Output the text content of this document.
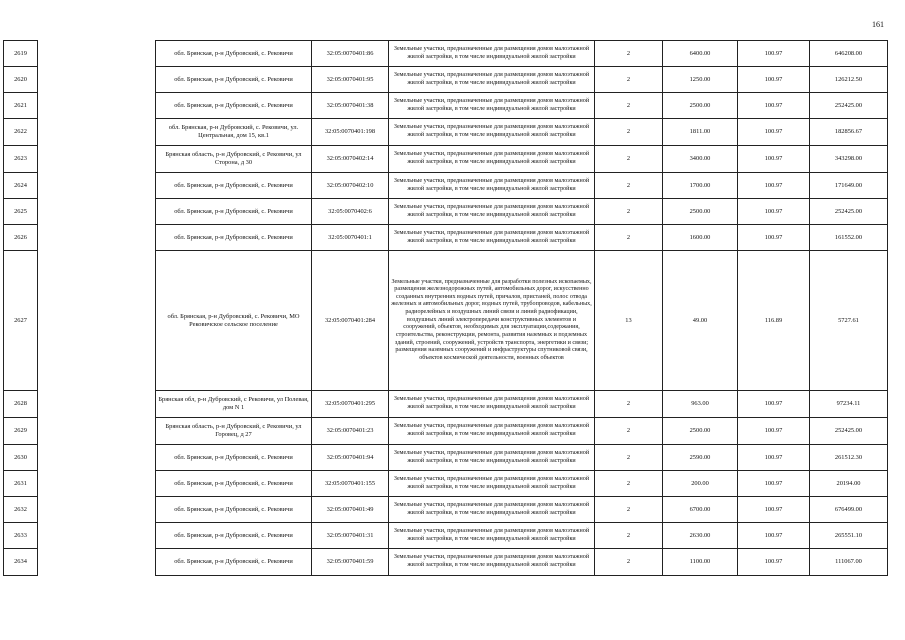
161
2619		обл. Брянская, р-н Дубровский, с. Рековичи	32:05:0070401:86	Земельные участки, предназначенные для размещения домов малоэтажной жилой застройки, в том числе индивидуальной жилой застройки	2	6400.00	100.97	646208.00
2620		обл. Брянская, р-н Дубровский, с. Рековичи	32:05:0070401:95	Земельные участки, предназначенные для размещения домов малоэтажной жилой застройки, в том числе индивидуальной жилой застройки	2	1250.00	100.97	126212.50
2621		обл. Брянская, р-н Дубровский, с. Рековичи	32:05:0070401:38	Земельные участки, предназначенные для размещения домов малоэтажной жилой застройки, в том числе индивидуальной жилой застройки	2	2500.00	100.97	252425.00
2622		обл. Брянская, р-н Дубровский, с. Рековичи, ул. Центральная, дом 15, кв.1	32:05:0070401:198	Земельные участки, предназначенные для размещения домов малоэтажной жилой застройки, в том числе индивидуальной жилой застройки	2	1811.00	100.97	182856.67
2623		Брянская область, р-н Дубровский, с Рековичи, ул Сторона, д 30	32:05:0070402:14	Земельные участки, предназначенные для размещения домов малоэтажной жилой застройки, в том числе индивидуальной жилой застройки	2	3400.00	100.97	343298.00
2624		обл. Брянская, р-н Дубровский, с. Рековичи	32:05:0070402:10	Земельные участки, предназначенные для размещения домов малоэтажной жилой застройки, в том числе индивидуальной жилой застройки	2	1700.00	100.97	171649.00
2625		обл. Брянская, р-н Дубровский, с. Рековичи	32:05:0070402:6	Земельные участки, предназначенные для размещения домов малоэтажной жилой застройки, в том числе индивидуальной жилой застройки	2	2500.00	100.97	252425.00
2626		обл. Брянская, р-н Дубровский, с. Рековичи	32:05:0070401:1	Земельные участки, предназначенные для размещения домов малоэтажной жилой застройки, в том числе индивидуальной жилой застройки	2	1600.00	100.97	161552.00
2627		обл. Брянская, р-н Дубровский, с. Рековичи, МО Рековичское сельское поселение	32:05:0070401:284	Земельные участки, предназначенные для разработки полезных ископаемых, размещения железнодорожных путей, автомобильных дорог, искусственно созданных внутренних водных путей, причалов, пристаней, полос отвода железных и автомобильных дорог, водных путей, трубопроводов, кабельных, радиорелейных и воздушных линий связи и линий радиофикации, воздушных линий электропередачи конструктивных элементов и сооружений, объектов, необходимых для эксплуатации,содержания, строительства, реконструкции, ремонта, развития наземных и подземных зданий, строений, сооружений, устройств транспорта, энергетики и связи; размещения наземных сооружений и инфраструктуры спутниковой связи, объектов космической деятельности, военных объектов	13	49.00	116.89	5727.61
2628		Брянская обл, р-н Дубровский, с Рековичи, ул Полевая, дом N 1	32:05:0070401:295	Земельные участки, предназначенные для размещения домов малоэтажной жилой застройки, в том числе индивидуальной жилой застройки	2	963.00	100.97	97234.11
2629		Брянская область, р-н Дубровский, с Рековичи, ул Горовец, д 27	32:05:0070401:23	Земельные участки, предназначенные для размещения домов малоэтажной жилой застройки, в том числе индивидуальной жилой застройки	2	2500.00	100.97	252425.00
2630		обл. Брянская, р-н Дубровский, с. Рековичи	32:05:0070401:94	Земельные участки, предназначенные для размещения домов малоэтажной жилой застройки, в том числе индивидуальной жилой застройки	2	2590.00	100.97	261512.30
2631		обл. Брянская, р-н Дубровский, с. Рековичи	32:05:0070401:155	Земельные участки, предназначенные для размещения домов малоэтажной жилой застройки, в том числе индивидуальной жилой застройки	2	200.00	100.97	20194.00
2632		обл. Брянская, р-н Дубровский, с. Рековичи	32:05:0070401:49	Земельные участки, предназначенные для размещения домов малоэтажной жилой застройки, в том числе индивидуальной жилой застройки	2	6700.00	100.97	676499.00
2633		обл. Брянская, р-н Дубровский, с. Рековичи	32:05:0070401:31	Земельные участки, предназначенные для размещения домов малоэтажной жилой застройки, в том числе индивидуальной жилой застройки	2	2630.00	100.97	265551.10
2634		обл. Брянская, р-н Дубровский, с. Рековичи	32:05:0070401:59	Земельные участки, предназначенные для размещения домов малоэтажной жилой застройки, в том числе индивидуальной жилой застройки	2	1100.00	100.97	111067.00
